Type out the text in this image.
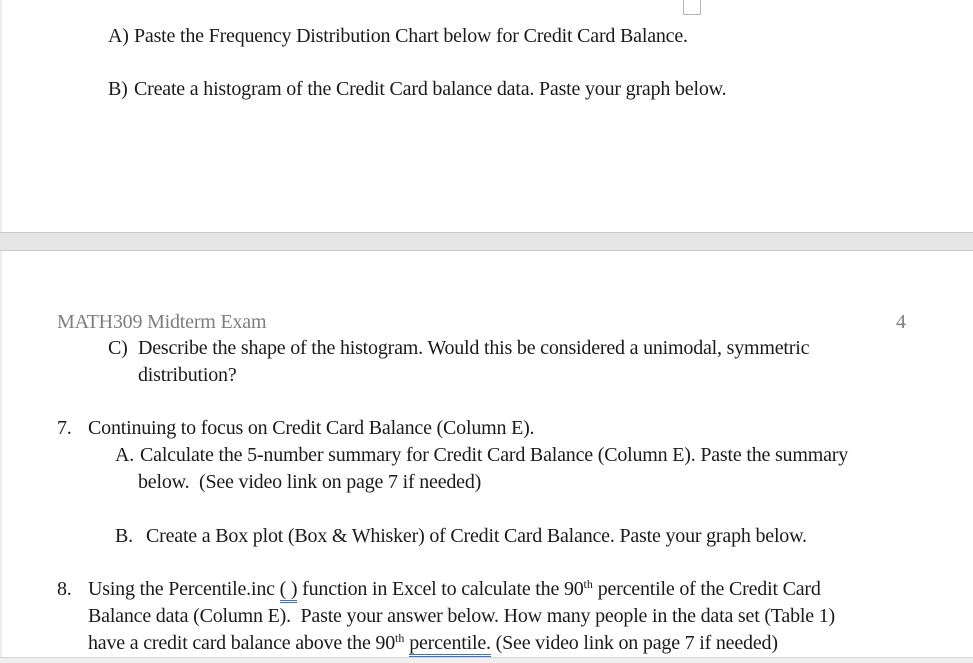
A) Paste the Frequency Distribution Chart below for Credit Card Balance.
B) Create a histogram of the Credit Card balance data. Paste your graph below.
MATH309 Midterm Exam	4
C) Describe the shape of the histogram. Would this be considered a unimodal, symmetric
distribution?
7. Continuing to focus on Credit Card Balance (Column E).
A. Calculate the 5-number summary for Credit Card Balance (Column E). Paste the summary
below.  (See video link on page 7 if needed)
B. Create a Box plot (Box & Whisker) of Credit Card Balance. Paste your graph below.
8. Using the Percentile.inc ( ) function in Excel to calculate the 90th percentile of the Credit Card
Balance data (Column E).  Paste your answer below. How many people in the data set (Table 1)
have a credit card balance above the 90th percentile. (See video link on page 7 if needed)
